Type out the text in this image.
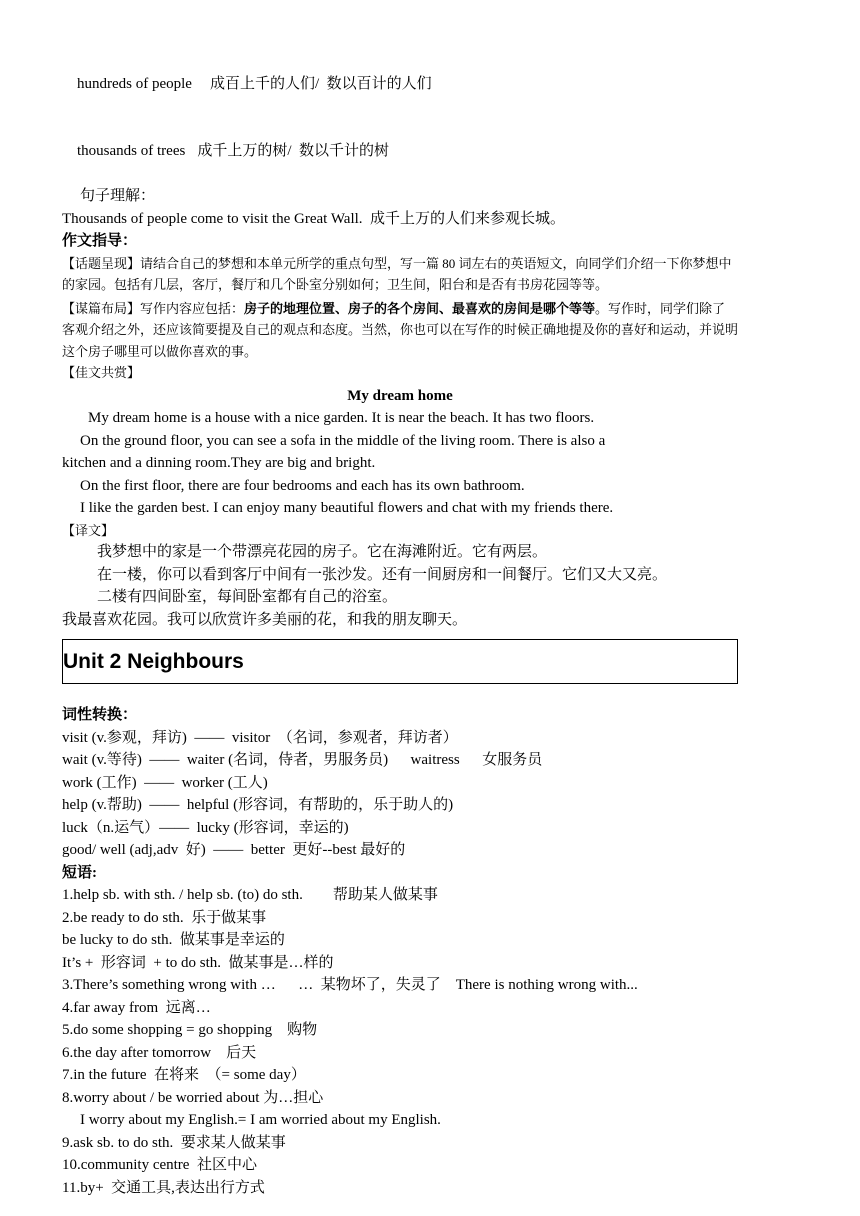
hundreds of people 成百上千的人们/  数以百计的人们

thousands of trees 成千上万的树/  数以千计的树

句子理解：
Thousands of people come to visit the Great Wall.  成千上万的人们来参观长城。
作文指导：
【话题呈现】请结合自己的梦想和本单元所学的重点句型，写一篇 80 词左右的英语短文，向同学们介绍一下你梦想中的家园。包括有几层，客厅，餐厅和几个卧室分别如何；卫生间，阳台和是否有书房花园等等。
【谋篇布局】写作内容应包括：房子的地理位置、房子的各个房间、最喜欢的房间是哪个等等。写作时，同学们除了客观介绍之外，还应该简要提及自己的观点和态度。当然，你也可以在写作的时候正确地提及你的喜好和运动，并说明这个房子哪里可以做你喜欢的事。
【佳文共赏】
My dream home
My dream home is a house with a nice garden. It is near the beach. It has two floors.
On the ground floor, you can see a sofa in the middle of the living room. There is also a
kitchen and a dinning room.They are big and bright.
On the first floor, there are four bedrooms and each has its own bathroom.
I like the garden best. I can enjoy many beautiful flowers and chat with my friends there.
【译文】
我梦想中的家是一个带漂亮花园的房子。它在海滩附近。它有两层。
在一楼，你可以看到客厅中间有一张沙发。还有一间厨房和一间餐厅。它们又大又亮。
二楼有四间卧室，每间卧室都有自己的浴室。
我最喜欢花园。我可以欣赏许多美丽的花，和我的朋友聊天。
Unit 2 Neighbours
词性转换：
visit (v.参观，拜访)  ——  visitor  （名词，参观者，拜访者）
wait (v.等待)  ——  waiter (名词，侍者，男服务员)      waitress      女服务员
work (工作)  ——  worker (工人)
help (v.帮助)  ——  helpful (形容词，有帮助的，乐于助人的)
luck（n.运气）——  lucky (形容词，幸运的)
good/ well (adj,adv  好)  ——  better  更好--best 最好的
短语:
1.help sb. with sth. / help sb. (to) do sth.        帮助某人做某事
2.be ready to do sth.  乐于做某事
be lucky to do sth.  做某事是幸运的
It’s +  形容词  + to do sth.  做某事是…样的
3.There’s something wrong with …      …  某物坏了，失灵了    There is nothing wrong with...
4.far away from  远离…
5.do some shopping = go shopping    购物
6.the day after tomorrow    后天
7.in the future  在将来  （= some day）
8.worry about / be worried about 为…担心
I worry about my English.= I am worried about my English.
9.ask sb. to do sth.  要求某人做某事
10.community centre  社区中心
11.by+  交通工具,表达出行方式
